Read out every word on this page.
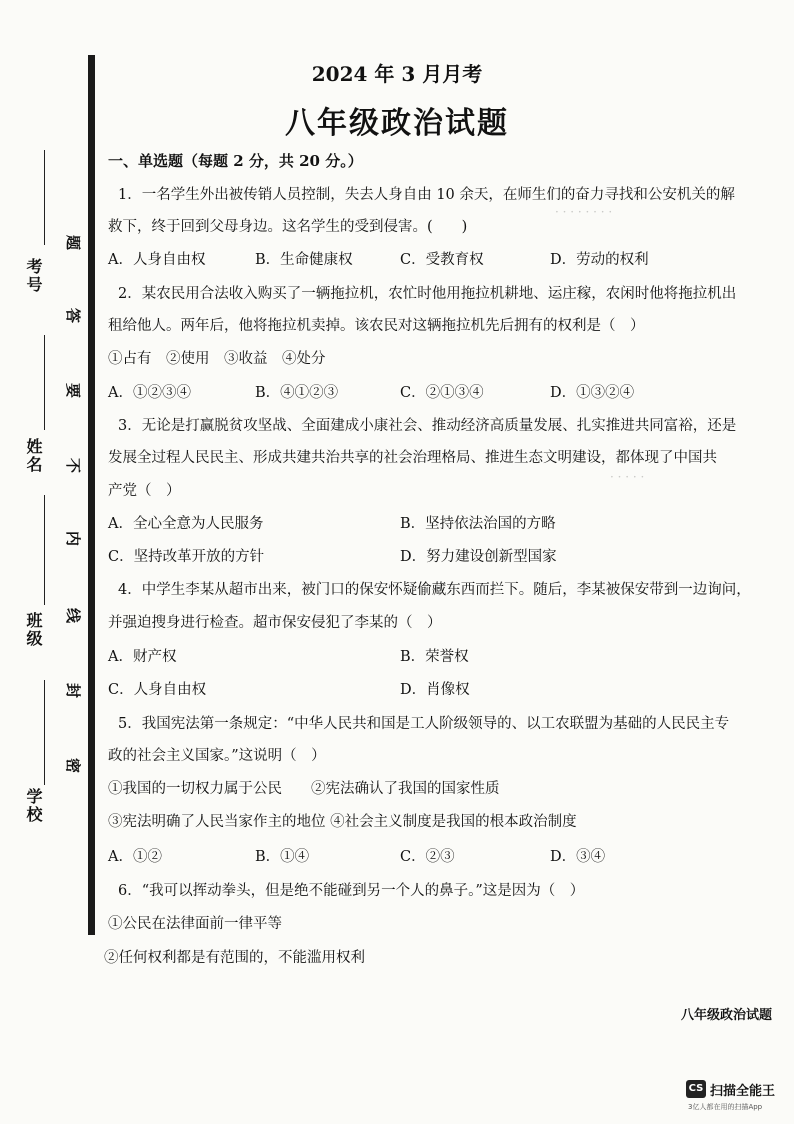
· · · · · · · ·
· · · · ·
考号
姓名
班级
学校
题
答
要
不
内
线
封
密
2024 年 3 月月考
八年级政治试题
一、单选题（每题 2 分，共 20 分。）
1．一名学生外出被传销人员控制，失去人身自由 10 余天，在师生们的奋力寻找和公安机关的解
救下，终于回到父母身边。这名学生的受到侵害。(　　)
A．人身自由权	B．生命健康权	C．受教育权	D．劳动的权利
2．某农民用合法收入购买了一辆拖拉机，农忙时他用拖拉机耕地、运庄稼，农闲时他将拖拉机出
租给他人。两年后，他将拖拉机卖掉。该农民对这辆拖拉机先后拥有的权利是（　）
①占有　②使用　③收益　④处分
A．①②③④	B．④①②③	C．②①③④	D．①③②④
3．无论是打赢脱贫攻坚战、全面建成小康社会、推动经济高质量发展、扎实推进共同富裕，还是
发展全过程人民民主、形成共建共治共享的社会治理格局、推进生态文明建设，都体现了中国共
产党（　）
A．全心全意为人民服务	B．坚持依法治国的方略
C．坚持改革开放的方针	D．努力建设创新型国家
4．中学生李某从超市出来，被门口的保安怀疑偷藏东西而拦下。随后，李某被保安带到一边询问，
并强迫搜身进行检查。超市保安侵犯了李某的（　）
A．财产权	B．荣誉权
C．人身自由权	D．肖像权
5．我国宪法第一条规定：“中华人民共和国是工人阶级领导的、以工农联盟为基础的人民民主专
政的社会主义国家。”这说明（　）
①我国的一切权力属于公民　　②宪法确认了我国的国家性质
③宪法明确了人民当家作主的地位 ④社会主义制度是我国的根本政治制度
A．①②	B．①④	C．②③	D．③④
6．“我可以挥动拳头，但是绝不能碰到另一个人的鼻子。”这是因为（　）
①公民在法律面前一律平等
②任何权利都是有范围的，不能滥用权利
八年级政治试题
CS 扫描全能王
3亿人都在用的扫描App
